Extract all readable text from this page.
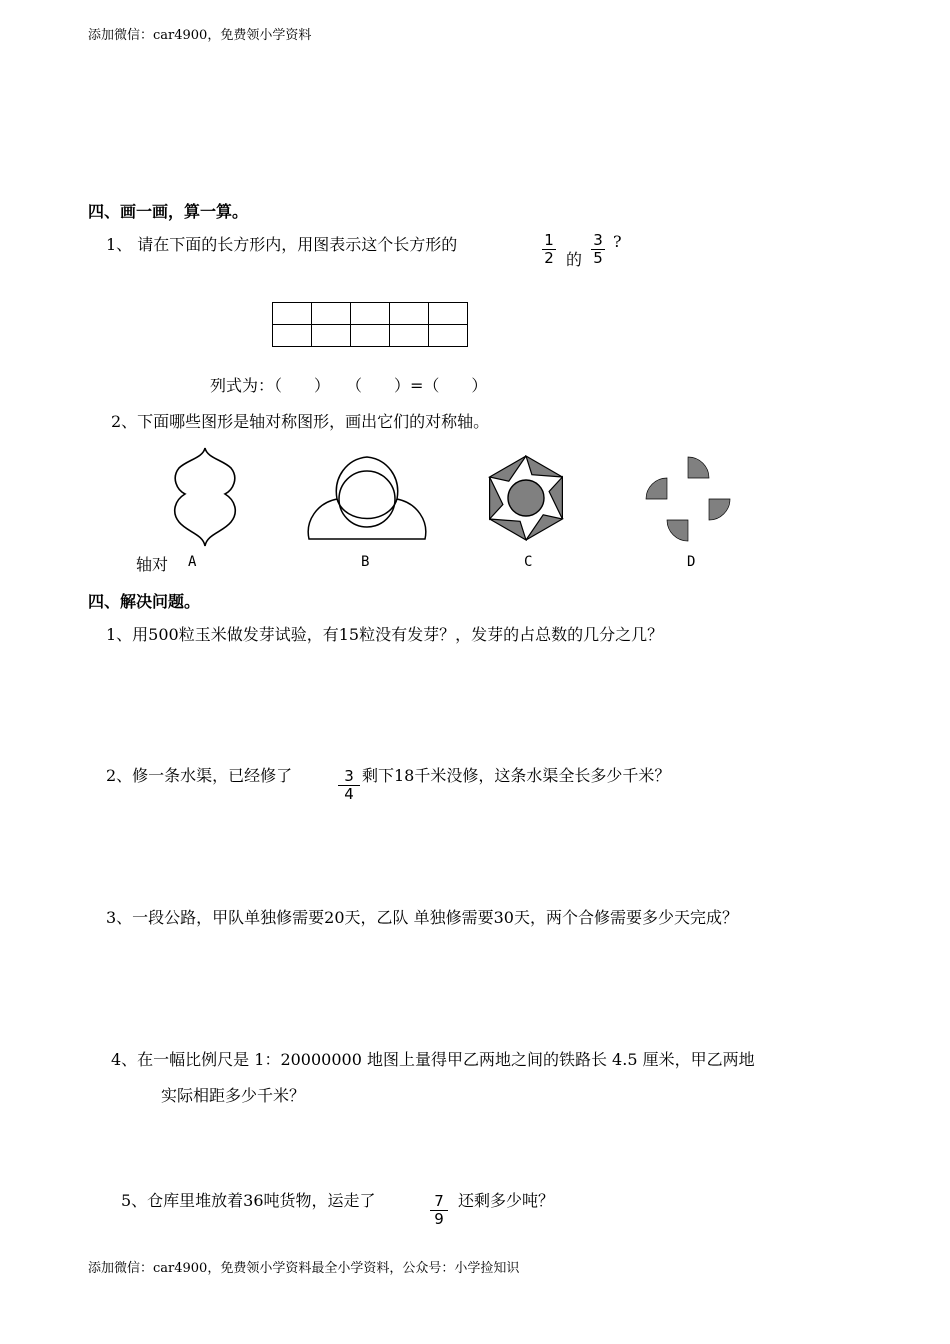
添加微信：car4900，免费领小学资料
四、画一画，算一算。
1、 请在下面的长方形内，用图表示这个长方形的	1
2 的
3
5
?

列式为：（　　）　　（　　）=（　　）
2、下面哪些图形是轴对称图形，画出它们的对称轴。
轴对 A	B	C	D
四、解决问题。
1、用500粒玉米做发芽试验，有15粒没有发芽？，发芽的占总数的几分之几？
2、修一条水渠，已经修了	3
4
剩下18千米没修，这条水渠全长多少千米？
3、一段公路，甲队单独修需要20天，乙队 单独修需要30天，两个合修需要多少天完成？
4、在一幅比例尺是 1：20000000 地图上量得甲乙两地之间的铁路长 4.5 厘米，甲乙两地
实际相距多少千米？
5、仓库里堆放着36吨货物，运走了	7
9
还剩多少吨？
添加微信：car4900，免费领小学资料最全小学资料，公众号：小学捡知识
